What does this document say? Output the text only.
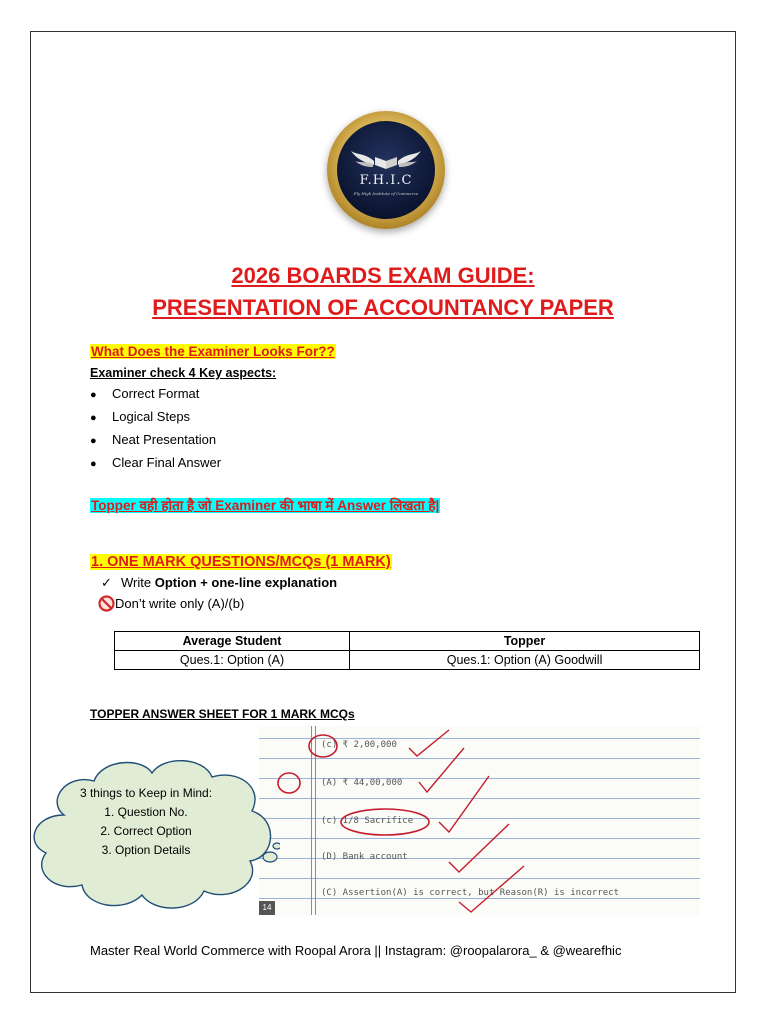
F.H.I.C
Fly High Institute of Commerce
2026 BOARDS EXAM GUIDE:
PRESENTATION OF ACCOUNTANCY PAPER
What Does the Examiner Looks For??
Examiner check 4 Key aspects:
● Correct Format
● Logical Steps
● Neat Presentation
● Clear Final Answer
Topper वही होता है जो Examiner की भाषा में Answer लिखता है|
1. ONE MARK QUESTIONS/MCQs (1 MARK)
✓ Write Option + one-line explanation
Don’t write only (A)/(b)
Average Student	Topper
Ques.1: Option (A)	Ques.1: Option (A) Goodwill
TOPPER ANSWER SHEET FOR 1 MARK MCQs
(c) ₹ 2,00,000
(A) ₹ 44,00,000
(c) 1/8 Sacrifice
(D) Bank account
(C) Assertion(A) is correct, but Reason(R) is incorrect
14
3 things to Keep in Mind:
1. Question No.
2. Correct Option
3. Option Details
Master Real World Commerce with Roopal Arora || Instagram: @roopalarora_ & @wearefhic
